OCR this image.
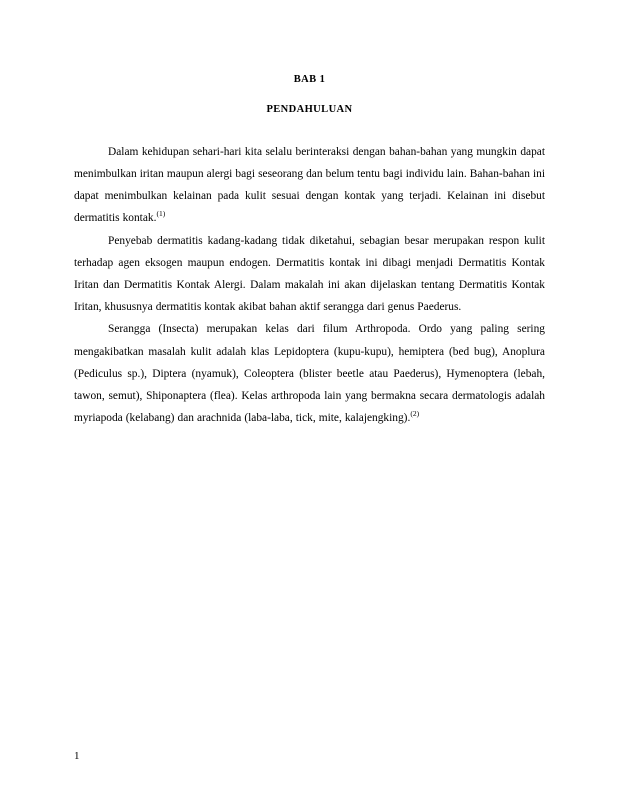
BAB 1
PENDAHULUAN

Dalam kehidupan sehari-hari kita selalu berinteraksi dengan bahan-bahan yang mungkin dapat menimbulkan iritan maupun alergi bagi seseorang dan belum tentu bagi individu lain. Bahan-bahan ini dapat menimbulkan kelainan pada kulit sesuai dengan kontak yang terjadi. Kelainan ini disebut dermatitis kontak.$^{(1)}$

Penyebab dermatitis kadang-kadang tidak diketahui, sebagian besar merupakan respon kulit terhadap agen eksogen maupun endogen. Dermatitis kontak ini dibagi menjadi Dermatitis Kontak Iritan dan Dermatitis Kontak Alergi. Dalam makalah ini akan dijelaskan tentang Dermatitis Kontak Iritan, khususnya dermatitis kontak akibat bahan aktif serangga dari genus Paederus.

Serangga (Insecta) merupakan kelas dari filum Arthropoda. Ordo yang paling sering mengakibatkan masalah kulit adalah klas Lepidoptera (kupu-kupu), hemiptera (bed bug), Anoplura (Pediculus sp.), Diptera (nyamuk), Coleoptera (blister beetle atau Paederus), Hymenoptera (lebah, tawon, semut), Shiponaptera (flea). Kelas arthropoda lain yang bermakna secara dermatologis adalah myriapoda (kelabang) dan arachnida (laba-laba, tick, mite, kalajengking).$^{(2)}$

1
